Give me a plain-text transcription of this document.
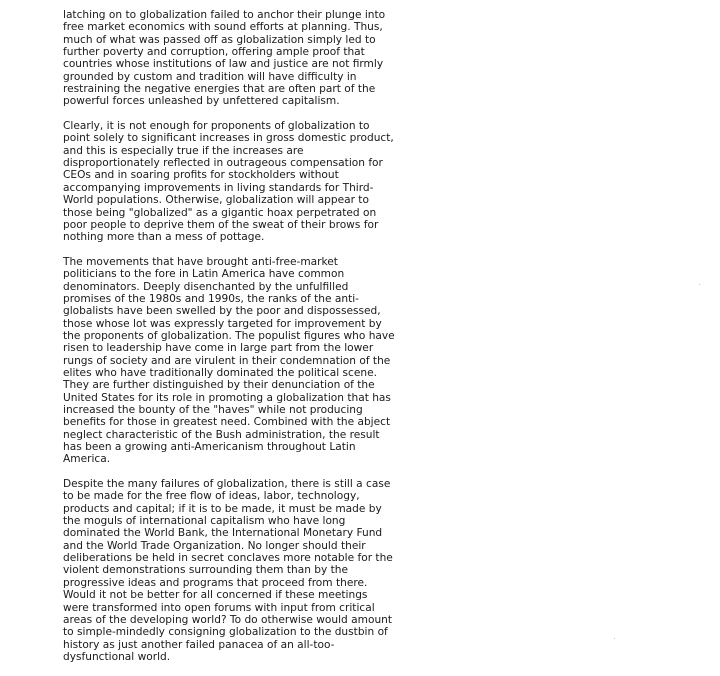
latching on to globalization failed to anchor their plunge into
free market economics with sound efforts at planning. Thus,
much of what was passed off as globalization simply led to
further poverty and corruption, offering ample proof that
countries whose institutions of law and justice are not firmly
grounded by custom and tradition will have difficulty in
restraining the negative energies that are often part of the
powerful forces unleashed by unfettered capitalism.
Clearly, it is not enough for proponents of globalization to
point solely to significant increases in gross domestic product,
and this is especially true if the increases are
disproportionately reflected in outrageous compensation for
CEOs and in soaring profits for stockholders without
accompanying improvements in living standards for Third-
World populations. Otherwise, globalization will appear to
those being "globalized" as a gigantic hoax perpetrated on
poor people to deprive them of the sweat of their brows for
nothing more than a mess of pottage.
The movements that have brought anti-free-market
politicians to the fore in Latin America have common
denominators. Deeply disenchanted by the unfulfilled
promises of the 1980s and 1990s, the ranks of the anti-
globalists have been swelled by the poor and dispossessed,
those whose lot was expressly targeted for improvement by
the proponents of globalization. The populist figures who have
risen to leadership have come in large part from the lower
rungs of society and are virulent in their condemnation of the
elites who have traditionally dominated the political scene.
They are further distinguished by their denunciation of the
United States for its role in promoting a globalization that has
increased the bounty of the "haves" while not producing
benefits for those in greatest need. Combined with the abject
neglect characteristic of the Bush administration, the result
has been a growing anti-Americanism throughout Latin
America.
Despite the many failures of globalization, there is still a case
to be made for the free flow of ideas, labor, technology,
products and capital; if it is to be made, it must be made by
the moguls of international capitalism who have long
dominated the World Bank, the International Monetary Fund
and the World Trade Organization. No longer should their
deliberations be held in secret conclaves more notable for the
violent demonstrations surrounding them than by the
progressive ideas and programs that proceed from there.
Would it not be better for all concerned if these meetings
were transformed into open forums with input from critical
areas of the developing world? To do otherwise would amount
to simple-mindedly consigning globalization to the dustbin of
history as just another failed panacea of an all-too-
dysfunctional world.
